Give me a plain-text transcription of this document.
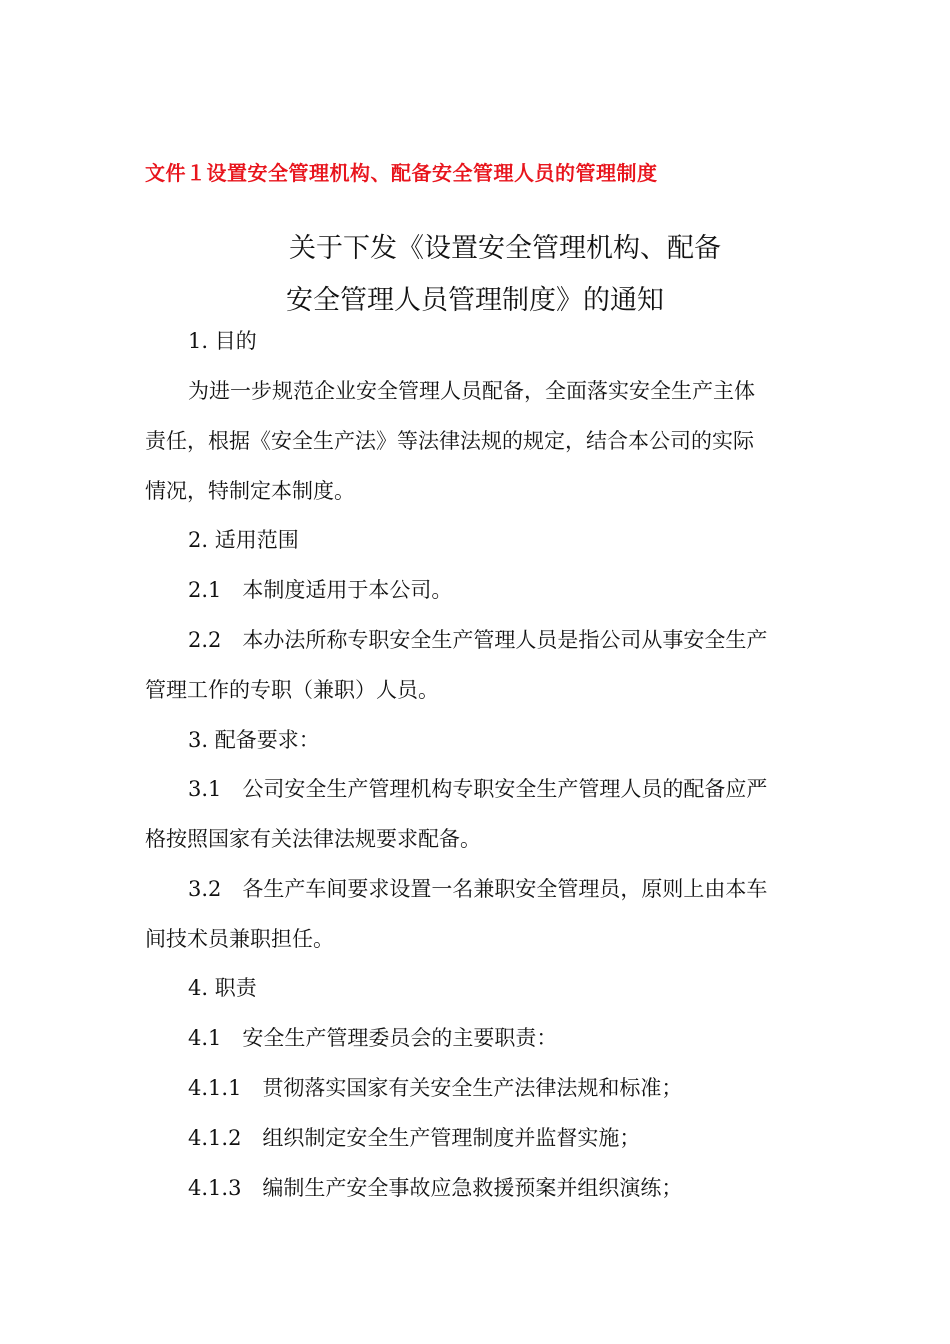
文件１设置安全管理机构、配备安全管理人员的管理制度
关于下发《设置安全管理机构、配备
安全管理人员管理制度》的通知
1. 目的
为进一步规范企业安全管理人员配备，全面落实安全生产主体
责任，根据《安全生产法》等法律法规的规定，结合本公司的实际
情况，特制定本制度。
2. 适用范围
2.1　本制度适用于本公司。
2.2　本办法所称专职安全生产管理人员是指公司从事安全生产
管理工作的专职（兼职）人员。
3. 配备要求：
3.1　公司安全生产管理机构专职安全生产管理人员的配备应严
格按照国家有关法律法规要求配备。
3.2　各生产车间要求设置一名兼职安全管理员，原则上由本车
间技术员兼职担任。
4. 职责
4.1　安全生产管理委员会的主要职责：
4.1.1　贯彻落实国家有关安全生产法律法规和标准；
4.1.2　组织制定安全生产管理制度并监督实施；
4.1.3　编制生产安全事故应急救援预案并组织演练；
